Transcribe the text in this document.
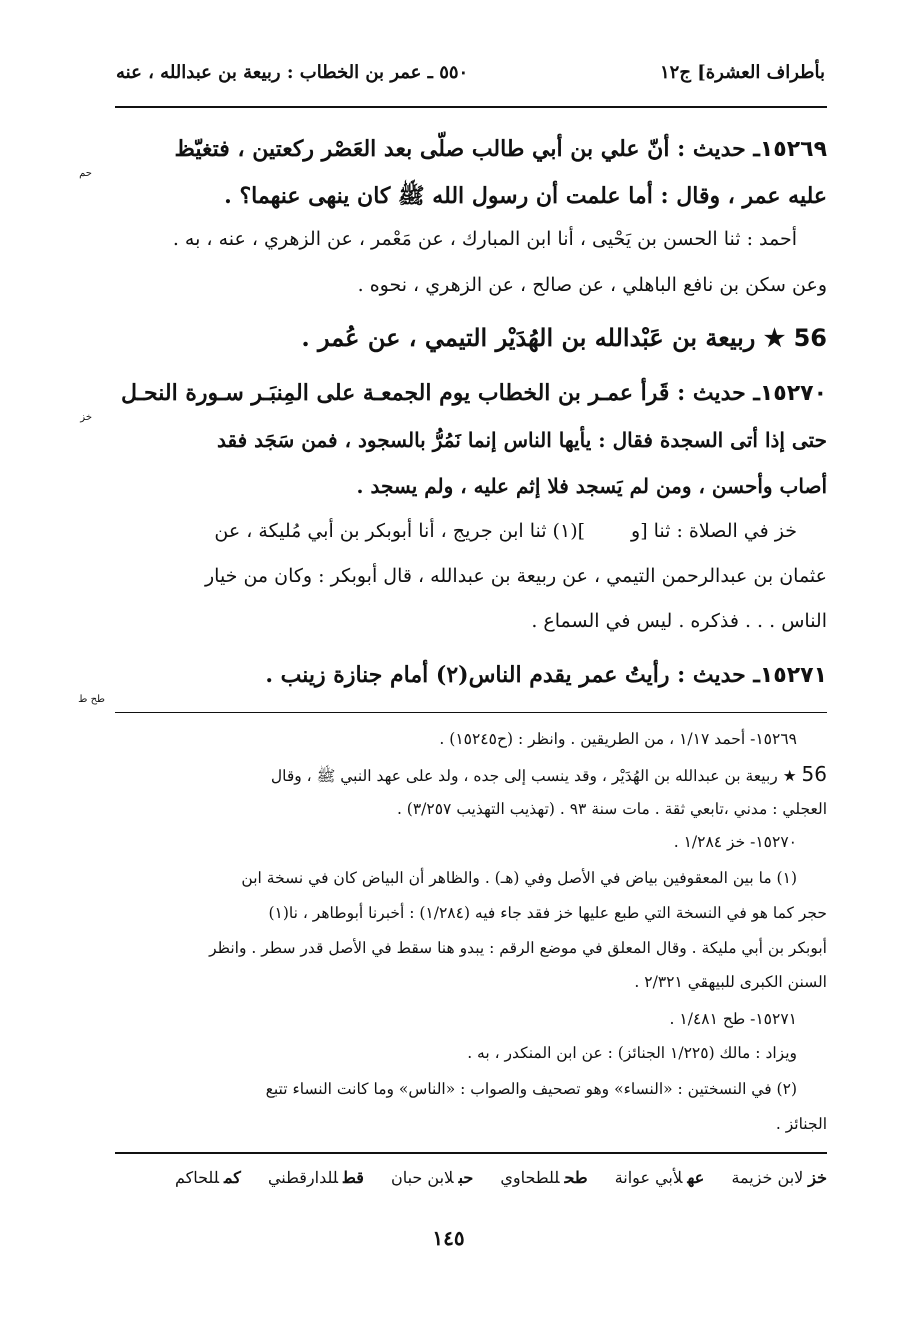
بأطراف العشرة] ج١٢
٥٥٠ ـ عمر بن الخطاب : ربيعة بن عبدالله ، عنه
١٥٢٦٩ـ حديث : أنّ علي بن أبي طالب صلّى بعد العَصْر ركعتين ، فتغيّظ
حم
عليه عمر ، وقال : أما علمت أن رسول الله ﷺ كان ينهى عنهما؟ .
أحمد : ثنا الحسن بن يَحْيى ، أنا ابن المبارك ، عن مَعْمر ، عن الزهري ، عنه ، به .
وعن سكن بن نافع الباهلي ، عن صالح ، عن الزهري ، نحوه .
56 ★ ربيعة بن عَبْدالله بن الهُدَيْر التيمي ، عن عُمر .
١٥٢٧٠ـ حديث : قَرأ عمـر بن الخطاب يوم الجمعـة على المِنبَـر سـورة النحـل
خز
حتى إذا أتى السجدة فقال : يأيها الناس إنما نَمُرُّ بالسجود ، فمن سَجَد فقد
أصاب وأحسن ، ومن لم يَسجد فلا إثم عليه ، ولم يسجد .
خز في الصلاة : ثنا [و](١) ثنا ابن جريج ، أنا أبوبكر بن أبي مُليكة ، عن
عثمان بن عبدالرحمن التيمي ، عن ربيعة بن عبدالله ، قال أبوبكر : وكان من خيار
الناس . . . فذكره . ليس في السماع .
١٥٢٧١ـ حديث : رأيتُ عمر يقدم الناس(٢) أمام جنازة زينب .
طح ط
١٥٢٦٩- أحمد ١/١٧ ، من الطريقين . وانظر : (ح١٥٢٤٥) .
56 ★ ربيعة بن عبدالله بن الهُدَيْر ، وقد ينسب إلى جده ، ولد على عهد النبي ﷺ ، وقال
العجلي : مدني ،تابعي ثقة . مات سنة ٩٣ . (تهذيب التهذيب ٣/٢٥٧) .
١٥٢٧٠- خز ١/٢٨٤ .
(١) ما بين المعقوفين بياض في الأصل وفي (هـ) . والظاهر أن البياض كان في نسخة ابن
حجر كما هو في النسخة التي طبع عليها خز فقد جاء فيه (١/٢٨٤) : أخبرنا أبوطاهر ، نا(١)
أبوبكر بن أبي مليكة . وقال المعلق في موضع الرقم : يبدو هنا سقط في الأصل قدر سطر . وانظر
السنن الكبرى للبيهقي ٢/٣٢١ .
١٥٢٧١- طح ١/٤٨١ .
ويزاد : مالك (١/٢٢٥ الجنائز) : عن ابن المنكدر ، به .
(٢) في النسختين : «النساء» وهو تصحيف والصواب : «الناس» وما كانت النساء تتبع
الجنائز .
خزلابن خزيمة عهلأبي عوانة طحللطحاوي حبلابن حبان قطللدارقطني كمللحاكم
١٤٥
